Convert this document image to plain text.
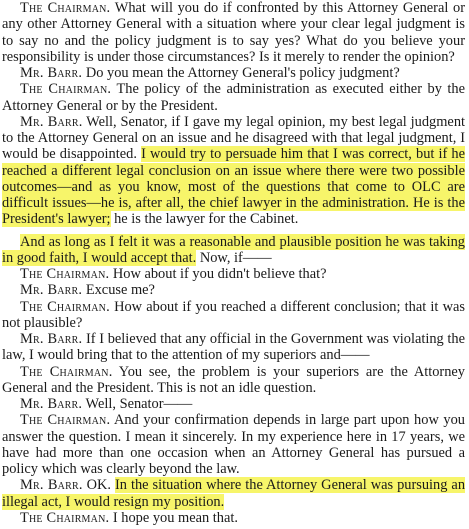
The Chairman. What will you do if confronted by this Attorney General or any other Attorney General with a situation where your clear legal judgment is to say no and the policy judgment is to say yes? What do you believe your responsibility is under those circumstances? Is it merely to render the opinion?

Mr. Barr. Do you mean the Attorney General's policy judgment?

The Chairman. The policy of the administration as executed either by the Attorney General or by the President.

Mr. Barr. Well, Senator, if I gave my legal opinion, my best legal judgment to the Attorney General on an issue and he disagreed with that legal judgment, I would be disappointed. I would try to persuade him that I was correct, but if he reached a different legal conclusion on an issue where there were two possible outcomes—and as you know, most of the questions that come to OLC are difficult issues—he is, after all, the chief lawyer in the administration. He is the President's lawyer; he is the lawyer for the Cabinet.

And as long as I felt it was a reasonable and plausible position he was taking in good faith, I would accept that. Now, if——

The Chairman. How about if you didn't believe that?

Mr. Barr. Excuse me?

The Chairman. How about if you reached a different conclusion; that it was not plausible?

Mr. Barr. If I believed that any official in the Government was violating the law, I would bring that to the attention of my superiors and——

The Chairman. You see, the problem is your superiors are the Attorney General and the President. This is not an idle question.

Mr. Barr. Well, Senator——

The Chairman. And your confirmation depends in large part upon how you answer the question. I mean it sincerely. In my experience here in 17 years, we have had more than one occasion when an Attorney General has pursued a policy which was clearly beyond the law.

Mr. Barr. OK. In the situation where the Attorney General was pursuing an illegal act, I would resign my position.

The Chairman. I hope you mean that.
